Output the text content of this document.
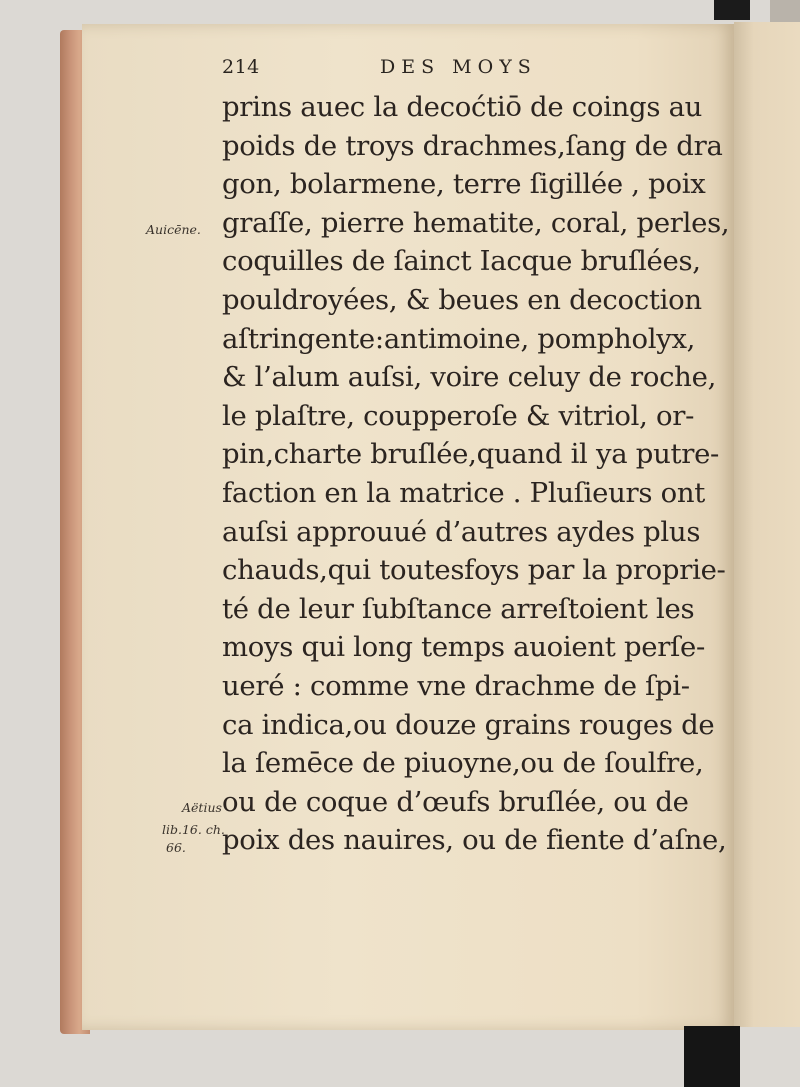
214	DES MOYS
prins auec la decoćtiō de coings au
poids de troys drachmes,ſang de dra
gon, bolarmene, terre ſigillée , poix
graſſe, pierre hematite, coral, perles,
coquilles de ſainct Iacque bruſlées,
pouldroyées, & beues en decoction
aſtringente:antimoine, pompholyx,
& l’alum auſsi, voire celuy de roche,
le plaſtre, coupperoſe & vitriol, or-
pin,charte bruſlée,quand il ya putre-
faction en la matrice . Pluſieurs ont
auſsi approuué d’autres aydes plus
chauds,qui toutesfoys par la proprie-
té de leur ſubſtance arreſtoient les
moys qui long temps auoient perſe-
ueré : comme vne drachme de ſpi-
ca indica,ou douze grains rouges de
la ſemēce de piuoyne,ou de ſoulfre,
ou de coque d’œufs bruſlée, ou de
poix des nauires, ou de fiente d’aſne,
Auicēne.
Aëtius
lib.16. ch.
66.
